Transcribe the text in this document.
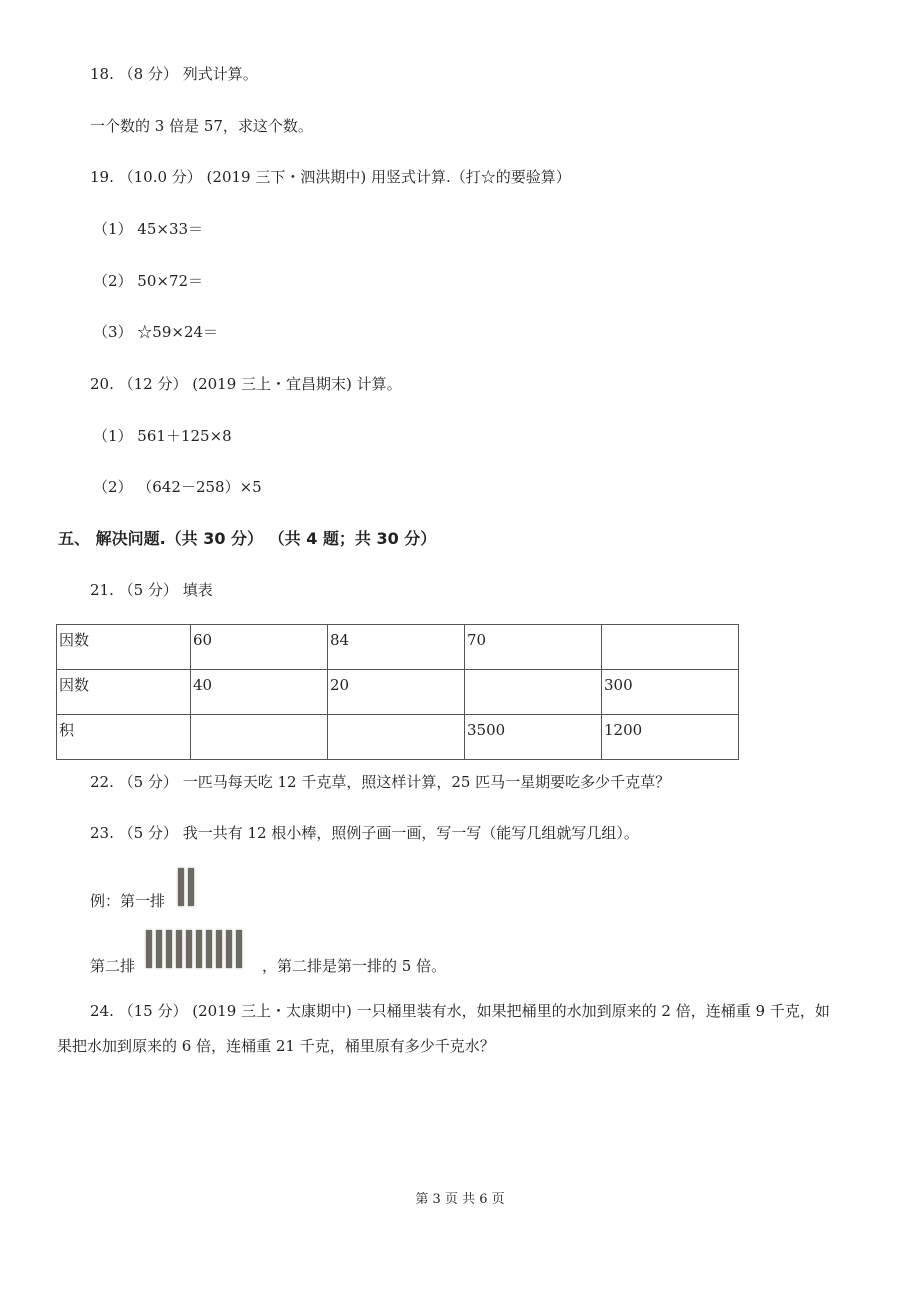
18. （8 分） 列式计算。
一个数的 3 倍是 57，求这个数。
19. （10.0 分） (2019 三下・泗洪期中) 用竖式计算.（打☆的要验算）
（1） 45×33＝
（2） 50×72＝
（3） ☆59×24＝
20. （12 分） (2019 三上・宜昌期末) 计算。
（1） 561＋125×8
（2） （642－258）×5
五、 解决问题.（共 30 分） （共 4 题；共 30 分）
21. （5 分） 填表
因数	60	84	70	
因数	40	20		300
积			3500	1200
22. （5 分） 一匹马每天吃 12 千克草，照这样计算，25 匹马一星期要吃多少千克草？
23. （5 分） 我一共有 12 根小棒，照例子画一画，写一写（能写几组就写几组）。
例：第一排
第二排	，第二排是第一排的 5 倍。
24. （15 分） (2019 三上・太康期中) 一只桶里装有水，如果把桶里的水加到原来的 2 倍，连桶重 9 千克，如
果把水加到原来的 6 倍，连桶重 21 千克，桶里原有多少千克水？
第 3 页 共 6 页
